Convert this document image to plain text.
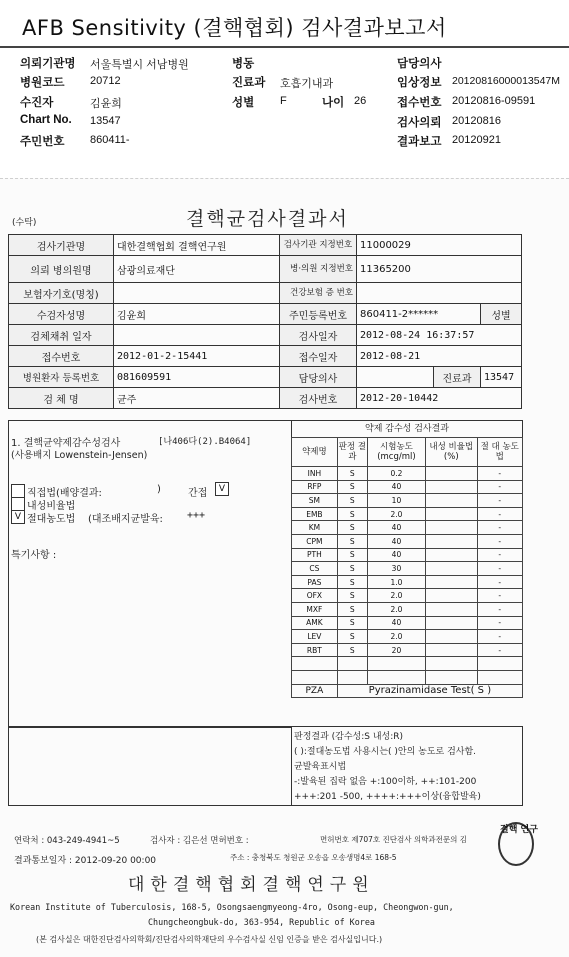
AFB Sensitivity (결핵협회) 검사결과보고서
의뢰기관명 서울특별시 서남병원	병동	담당의사
병원코드 20712	진료과 호흡기내과	임상정보 20120816000013547M
수진자	김윤희	성별 F	나이 26	접수번호 20120816-09591
Chart No. 13547	검사의뢰 20120816
주민번호 860411-	결과보고 20120921
(수탁)	결핵균검사결과서
검사기관명	대한결핵협회 결핵연구원	검사기관 지정번호	11000029		
의뢰 병의원명	삼광의료재단	병·의원 지정번호	11365200		
보험자기호(명칭)		건강보험 증 번호			
수검자성명	김윤희	주민등록번호	860411-2******		성별
검체채취 일자		검사일자	2012-08-24 16:37:57		
접수번호	2012-01-2-15441	접수일자	2012-08-21		
병원환자 등록번호	081609591	담당의사		진료과	13547
검 체 명	균주	검사번호	2012-20-10442		
1. 결핵균약제감수성검사	[나406다(2).B4064]
(사용배지 Lowenstein-Jensen)
직접법(배양결과:	)	간접	V
내성비율법
V 절대농도법 (대조배지균발육: +++
특기사항 :
약제 감수성 검사결과
약제명	판정 결과	시험농도 (mcg/ml)	내성 비율법(%)	절 대 농도법
INH	S	0.2		-
RFP	S	40		-
SM	S	10		-
EMB	S	2.0		-
KM	S	40		-
CPM	S	40		-
PTH	S	40		-
CS	S	30		-
PAS	S	1.0		-
OFX	S	2.0		-
MXF	S	2.0		-
AMK	S	40		-
LEV	S	2.0		-
RBT	S	20		-

PZA	Pyrazinamidase Test( S )			
판정결과 (감수성:S 내성:R)
( ):절대농도법 사용시는( )안의 농도로 검사함.
균발육표시법
-:발육된 집락 없음 +:100이하, ++:101-200
+++:201 -500, ++++:+++이상(융합발육)
연락처 : 043-249-4941~5	검사자 : 김은선 면허번호 :	면허번호 제707호 진단검사 의학과전문의 김
결과통보일자 : 2012-09-20 00:00	주소 : 충청북도 청원군 오송읍 오송생명4로 168-5
대한결핵협회결핵연구원
Korean Institute of Tuberculosis, 168-5, Osongsaengmyeong-4ro, Osong-eup, Cheongwon-gun,
Chungcheongbuk-do, 363-954, Republic of Korea
(본 검사실은 대한진단검사의학회/진단검사의학재단의 우수검사실 신임 인증을 받은 검사실입니다.)
결핵 연구
